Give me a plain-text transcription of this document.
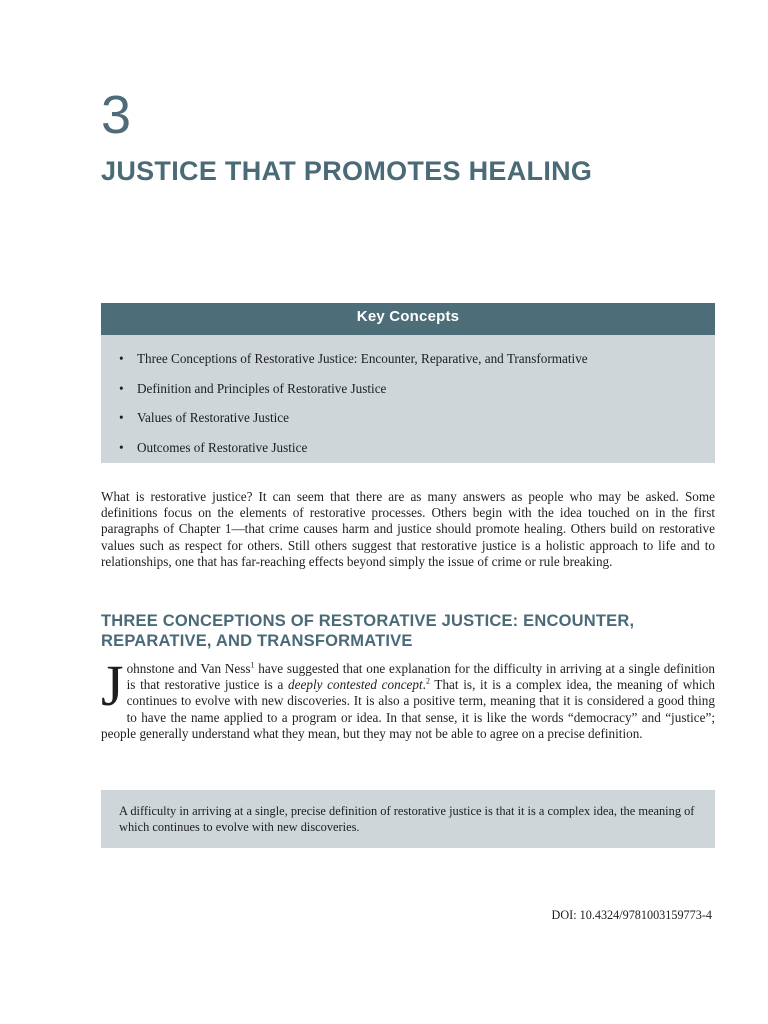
3
JUSTICE THAT PROMOTES HEALING
Key Concepts
• Three Conceptions of Restorative Justice: Encounter, Reparative, and Transformative
• Definition and Principles of Restorative Justice
• Values of Restorative Justice
• Outcomes of Restorative Justice

What is restorative justice? It can seem that there are as many answers as people who may be asked. Some definitions focus on the elements of restorative processes. Others begin with the idea touched on in the first paragraphs of Chapter 1—that crime causes harm and justice should promote healing. Others build on restorative values such as respect for others. Still others suggest that restorative justice is a holistic approach to life and to relationships, one that has far-reaching effects beyond simply the issue of crime or rule breaking.

THREE CONCEPTIONS OF RESTORATIVE JUSTICE: ENCOUNTER, REPARATIVE, AND TRANSFORMATIVE

Johnstone and Van Ness$^1$ have suggested that one explanation for the difficulty in arriving at a single definition is that restorative justice is a deeply contested concept.$^2$ That is, it is a complex idea, the meaning of which continues to evolve with new discoveries. It is also a positive term, meaning that it is considered a good thing to have the name applied to a program or idea. In that sense, it is like the words “democracy” and “justice”; people generally understand what they mean, but they may not be able to agree on a precise definition.

A difficulty in arriving at a single, precise definition of restorative justice is that it is a complex idea, the meaning of which continues to evolve with new discoveries.

DOI: 10.4324/9781003159773-4
